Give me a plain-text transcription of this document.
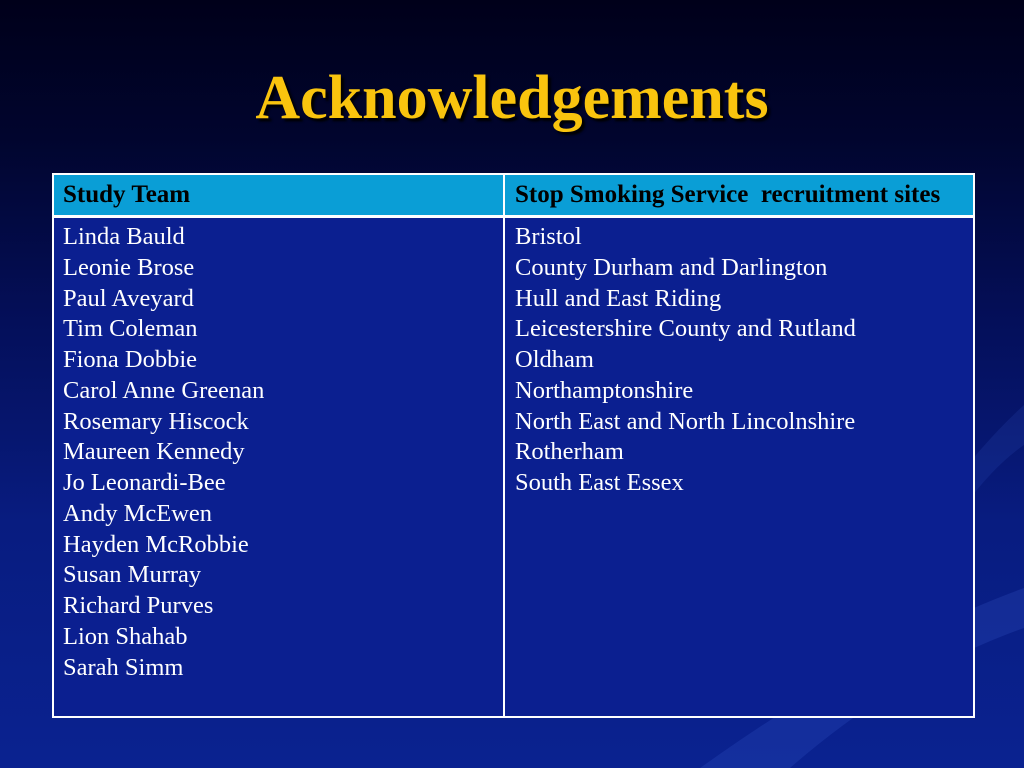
Acknowledgements
Study Team	Stop Smoking Service  recruitment sites
Linda Bauld
Leonie Brose
Paul Aveyard
Tim Coleman
Fiona Dobbie
Carol Anne Greenan
Rosemary Hiscock
Maureen Kennedy
Jo Leonardi-Bee
Andy McEwen
Hayden McRobbie
Susan Murray
Richard Purves
Lion Shahab
Sarah Simm
Bristol
County Durham and Darlington
Hull and East Riding
Leicestershire County and Rutland
Oldham
Northamptonshire
North East and North Lincolnshire
Rotherham
South East Essex
